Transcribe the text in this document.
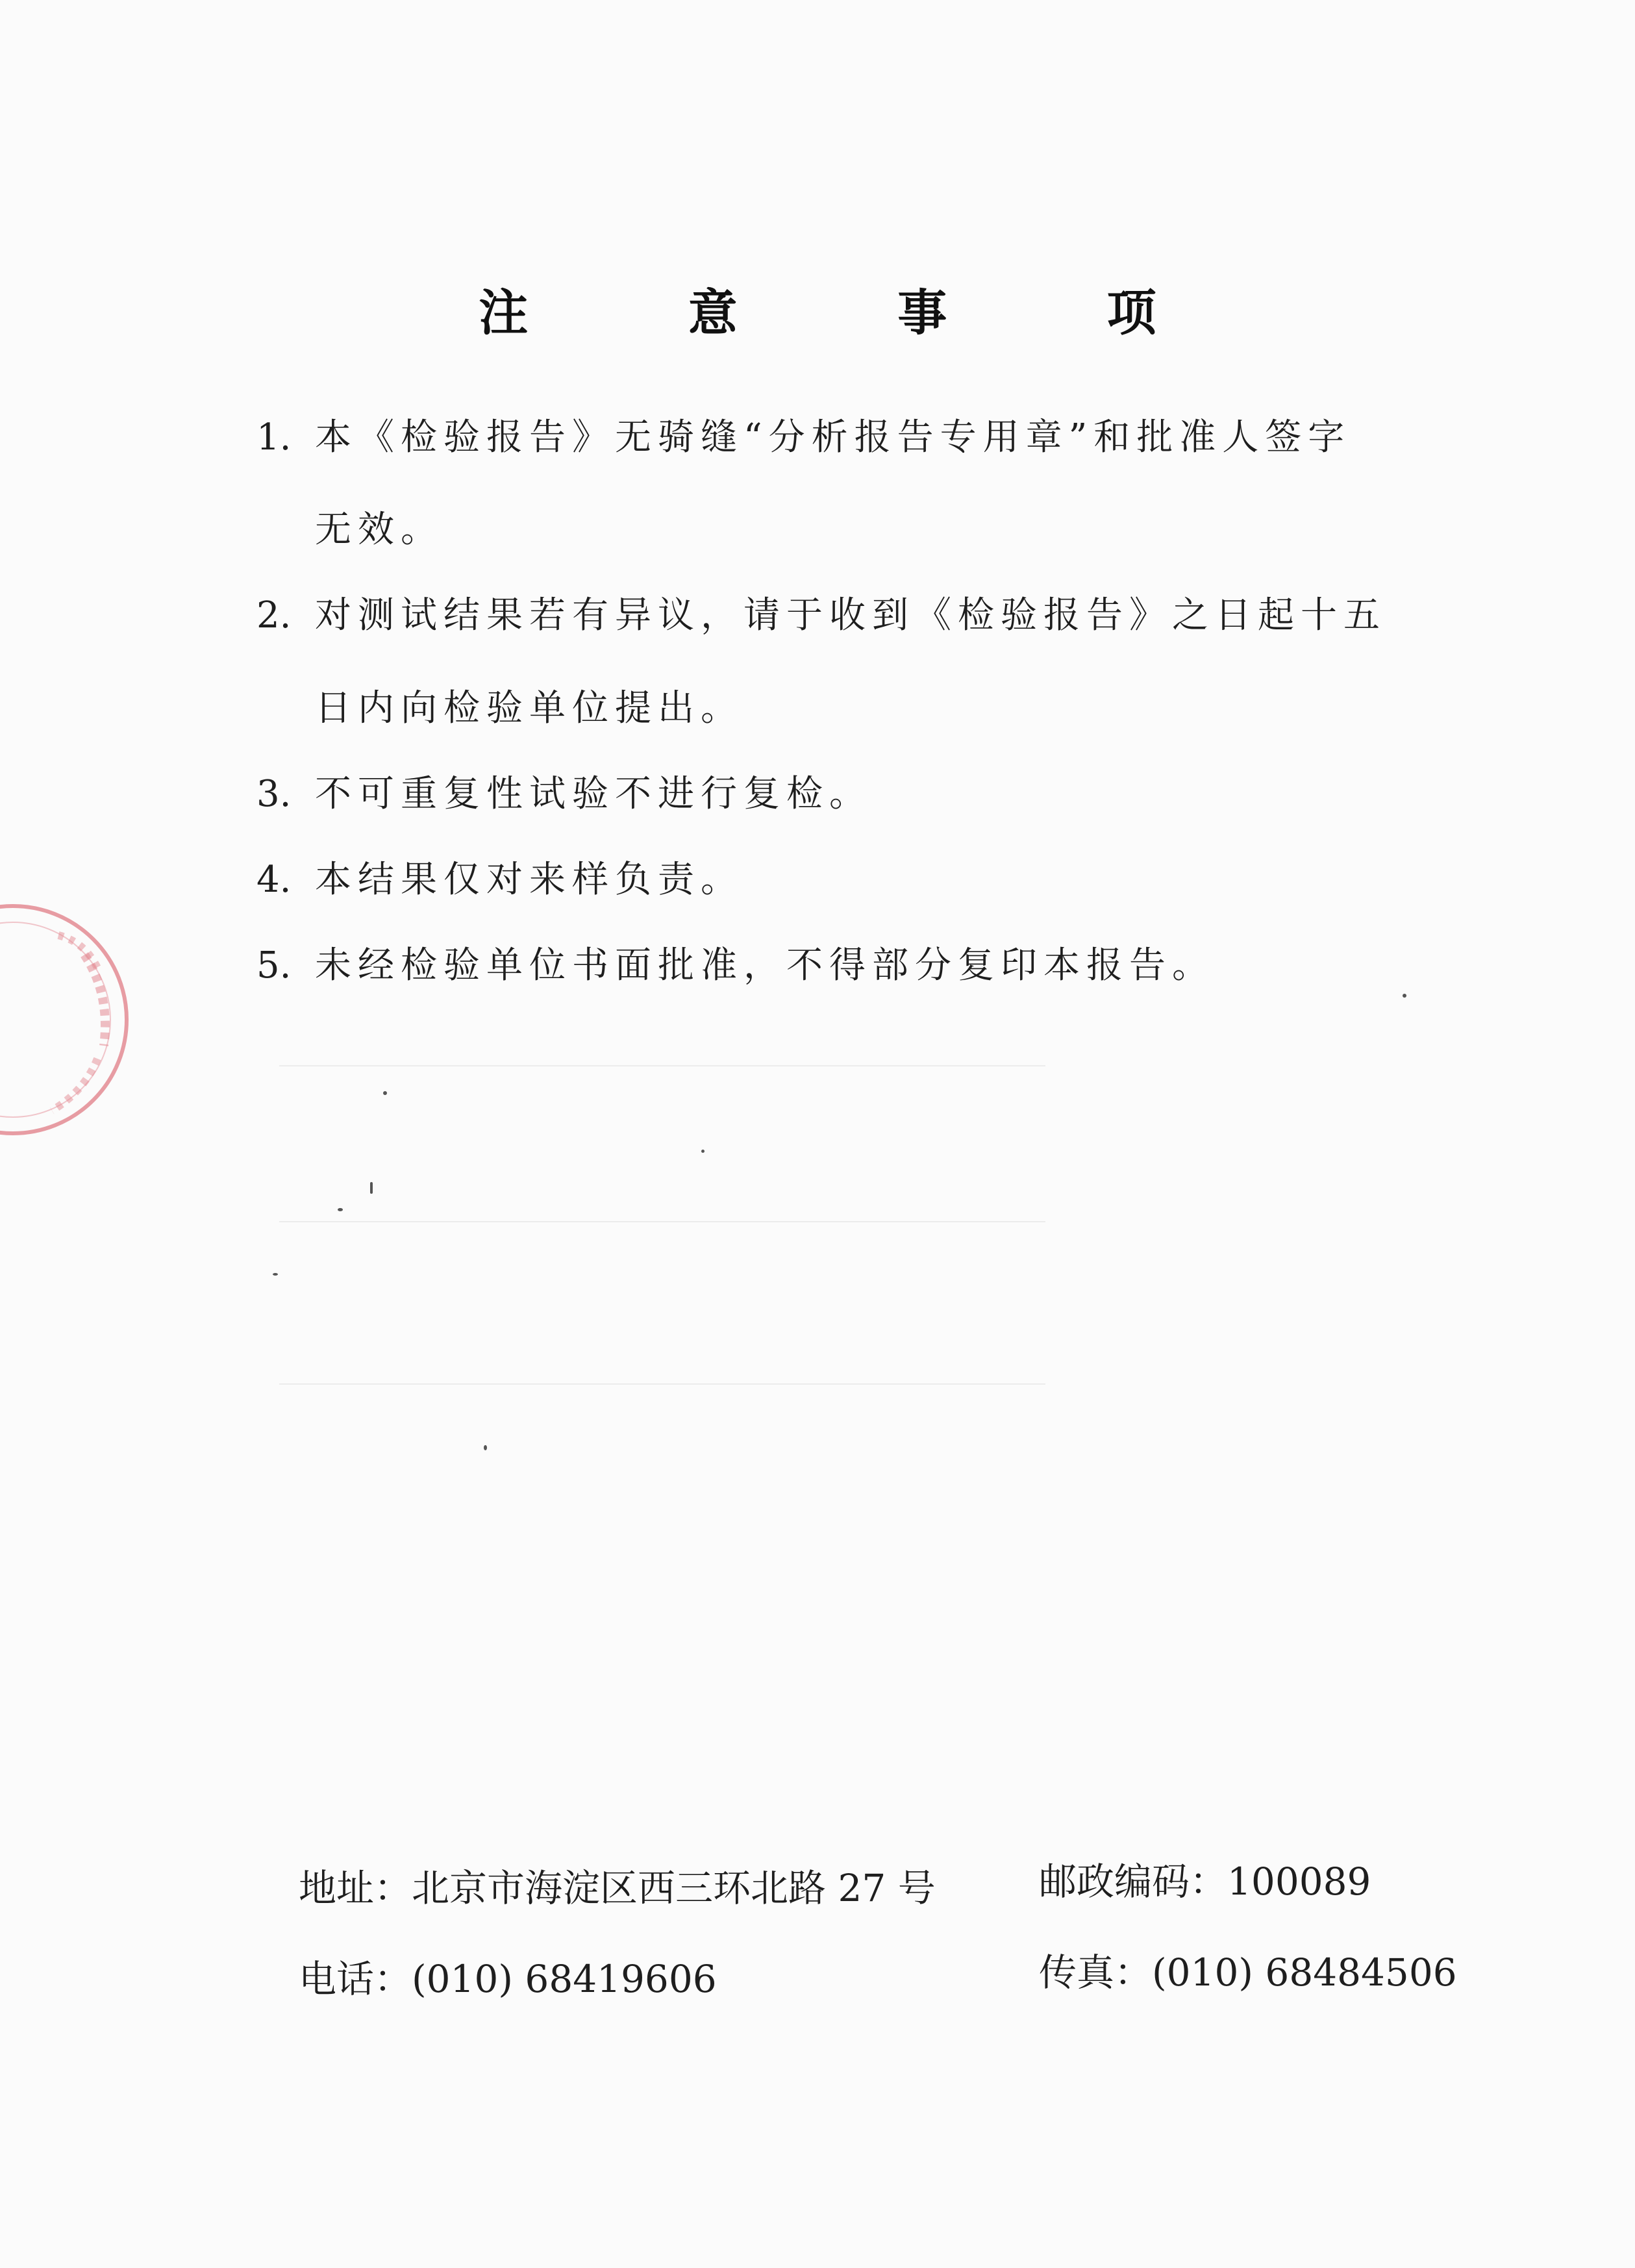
注 意 事 项
1. 本《检验报告》无骑缝“分析报告专用章”和批准人签字
无效。
2. 对测试结果若有异议，请于收到《检验报告》之日起十五
日内向检验单位提出。
3. 不可重复性试验不进行复检。
4. 本结果仅对来样负责。
5. 未经检验单位书面批准，不得部分复印本报告。
地址：北京市海淀区西三环北路 27 号	邮政编码：100089
电话：(010) 68419606	传真：(010) 68484506
